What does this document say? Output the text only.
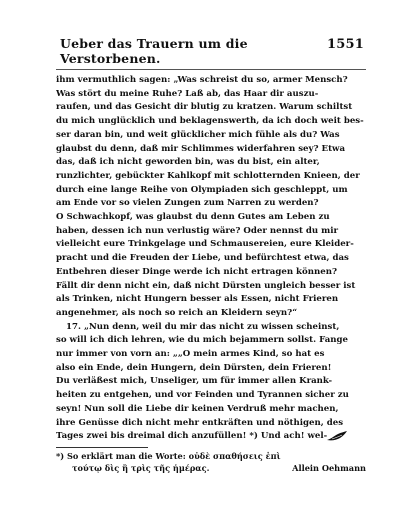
Ueber das Trauern um die Verstorbenen.
1551
ihm vermuthlich sagen: „Was schreist du so, armer Mensch?
Was stört du meine Ruhe? Laß ab, das Haar dir auszu-
raufen, und das Gesicht dir blutig zu kratzen. Warum schiltst
du mich unglücklich und beklagenswerth, da ich doch weit bes-
ser daran bin, und weit glücklicher mich fühle als du? Was
glaubst du denn, daß mir Schlimmes widerfahren sey? Etwa
das, daß ich nicht geworden bin, was du bist, ein alter,
runzlichter, gebückter Kahlkopf mit schlotternden Knieen, der
durch eine lange Reihe von Olympiaden sich geschleppt, um
am Ende vor so vielen Zungen zum Narren zu werden?
O Schwachkopf, was glaubst du denn Gutes am Leben zu
haben, dessen ich nun verlustig wäre? Oder nennst du mir
vielleicht eure Trinkgelage und Schmausereien, eure Kleider-
pracht und die Freuden der Liebe, und befürchtest etwa, das
Entbehren dieser Dinge werde ich nicht ertragen können?
Fällt dir denn nicht ein, daß nicht Dürsten ungleich besser ist
als Trinken, nicht Hungern besser als Essen, nicht Frieren
angenehmer, als noch so reich an Kleidern seyn?“
17. „Nun denn, weil du mir das nicht zu wissen scheinst,
so will ich dich lehren, wie du mich bejammern sollst. Fange
nur immer von vorn an: „„O mein armes Kind, so hat es
also ein Ende, dein Hungern, dein Dürsten, dein Frieren!
Du verläßest mich, Unseliger, um für immer allen Krank-
heiten zu entgehen, und vor Feinden und Tyrannen sicher zu
seyn! Nun soll die Liebe dir keinen Verdruß mehr machen,
ihre Genüsse dich nicht mehr entkräften und nöthigen, des
Tages zwei bis dreimal dich anzufüllen! *) Und ach! wel-
*) So erklärt man die Worte: οὐδὲ σπαθήσεις ἐπὶ
τούτῳ δὶς ἢ τρὶς τῆς ἡμέρας.	Allein Oehmann
